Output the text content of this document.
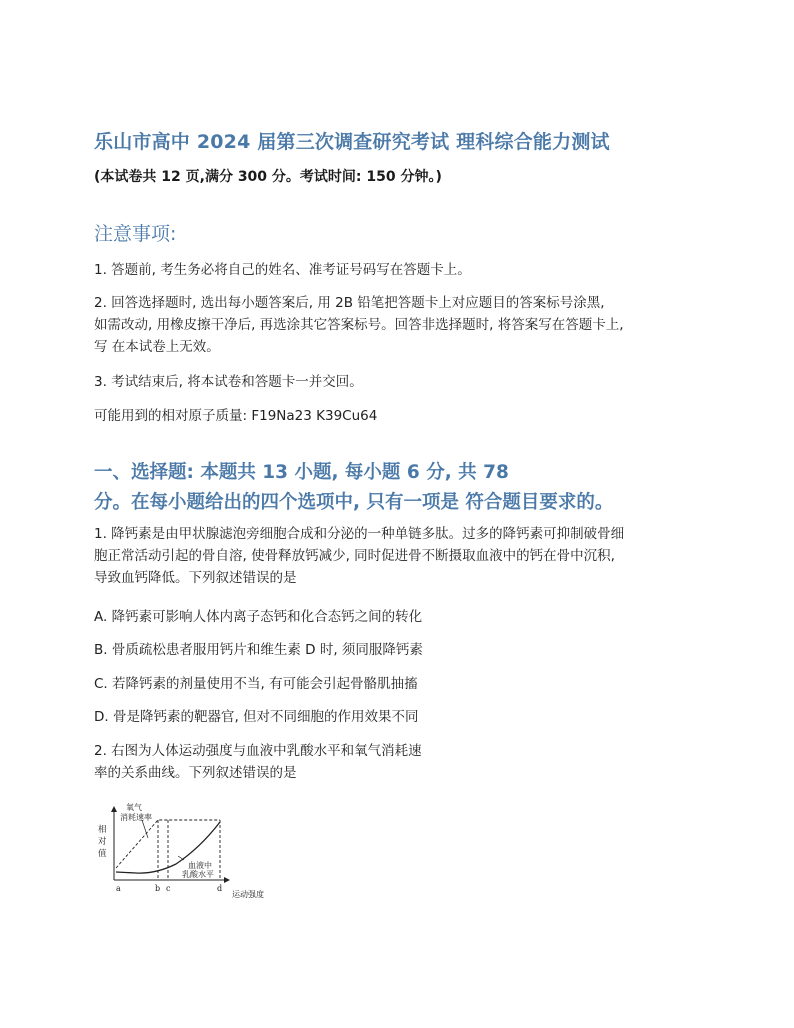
乐山市高中 2024 届第三次调查研究考试 理科综合能力测试
(本试卷共 12 页,满分 300 分。考试时间: 150 分钟。)
注意事项:
1. 答题前, 考生务必将自己的姓名、准考证号码写在答题卡上。
2. 回答选择题时, 选出每小题答案后, 用 2B 铅笔把答题卡上对应题目的答案标号涂黑,
如需改动, 用橡皮擦干净后, 再选涂其它答案标号。回答非选择题时, 将答案写在答题卡上,
写 在本试卷上无效。
3. 考试结束后, 将本试卷和答题卡一并交回。
可能用到的相对原子质量: F19Na23 K39Cu64
一、选择题: 本题共 13 小题, 每小题 6 分, 共 78
分。在每小题给出的四个选项中, 只有一项是 符合题目要求的。
1. 降钙素是由甲状腺滤泡旁细胞合成和分泌的一种单链多肽。过多的降钙素可抑制破骨细
胞正常活动引起的骨自溶, 使骨释放钙减少, 同时促进骨不断摄取血液中的钙在骨中沉积,
导致血钙降低。下列叙述错误的是
A. 降钙素可影响人体内离子态钙和化合态钙之间的转化
B. 骨质疏松患者服用钙片和维生素 D 时, 须同服降钙素
C. 若降钙素的剂量使用不当, 有可能会引起骨骼肌抽搐
D. 骨是降钙素的靶器官, 但对不同细胞的作用效果不同
2. 右图为人体运动强度与血液中乳酸水平和氧气消耗速
率的关系曲线。下列叙述错误的是
相
对
值
氧气
消耗速率
血液中
乳酸水平
a	b c	d
运动强度
